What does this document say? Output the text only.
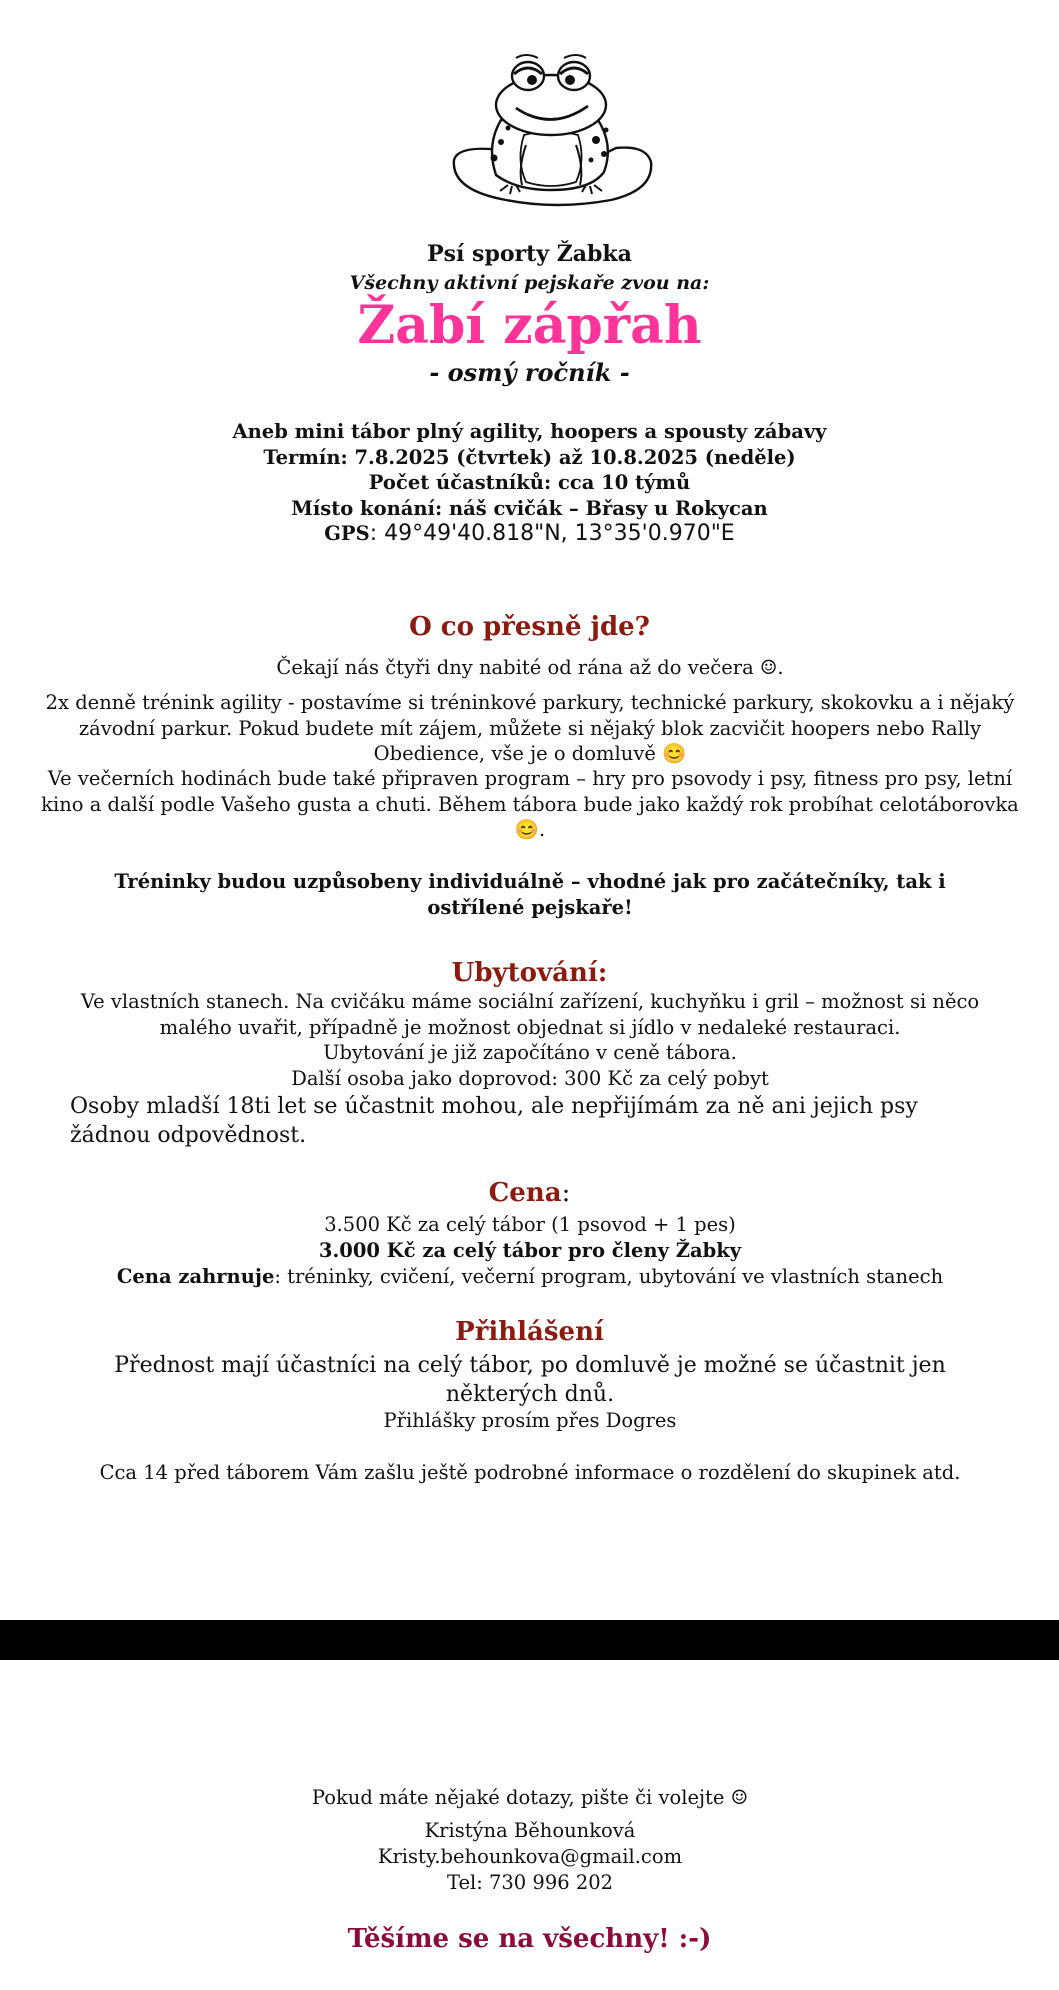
Psí sporty Žabka
Všechny aktivní pejskaře zvou na:
Žabí zápřah
- osmý ročník -
Aneb mini tábor plný agility, hoopers a spousty zábavy
Termín: 7.8.2025 (čtvrtek) až 10.8.2025 (neděle)
Počet účastníků: cca 10 týmů
Místo konání: náš cvičák – Břasy u Rokycan
GPS: 49°49'40.818"N, 13°35'0.970"E
O co přesně jde?
Čekají nás čtyři dny nabité od rána až do večera ☺.
2x denně trénink agility - postavíme si tréninkové parkury, technické parkury, skokovku a i nějaký závodní parkur. Pokud budete mít zájem, můžete si nějaký blok zacvičit hoopers nebo Rally Obedience, vše je o domluvě 😊
Ve večerních hodinách bude také připraven program – hry pro psovody i psy, fitness pro psy, letní kino a další podle Vašeho gusta a chuti. Během tábora bude jako každý rok probíhat celotáborovka 😊.
Tréninky budou uzpůsobeny individuálně – vhodné jak pro začátečníky, tak i ostřílené pejskaře!
Ubytování:
Ve vlastních stanech. Na cvičáku máme sociální zařízení, kuchyňku i gril – možnost si něco malého uvařit, případně je možnost objednat si jídlo v nedaleké restauraci.
Ubytování je již započítáno v ceně tábora.
Další osoba jako doprovod: 300 Kč za celý pobyt
Osoby mladší 18ti let se účastnit mohou, ale nepřijímám za ně ani jejich psy žádnou odpovědnost.
Cena:
3.500 Kč za celý tábor (1 psovod + 1 pes)
3.000 Kč za celý tábor pro členy Žabky
Cena zahrnuje: tréninky, cvičení, večerní program, ubytování ve vlastních stanech
Přihlášení
Přednost mají účastníci na celý tábor, po domluvě je možné se účastnit jen některých dnů.
Přihlášky prosím přes Dogres
Cca 14 před táborem Vám zašlu ještě podrobné informace o rozdělení do skupinek atd.
Pokud máte nějaké dotazy, pište či volejte ☺
Kristýna Běhounková
Kristy.behounkova@gmail.com
Tel: 730 996 202
Těšíme se na všechny! :-)
